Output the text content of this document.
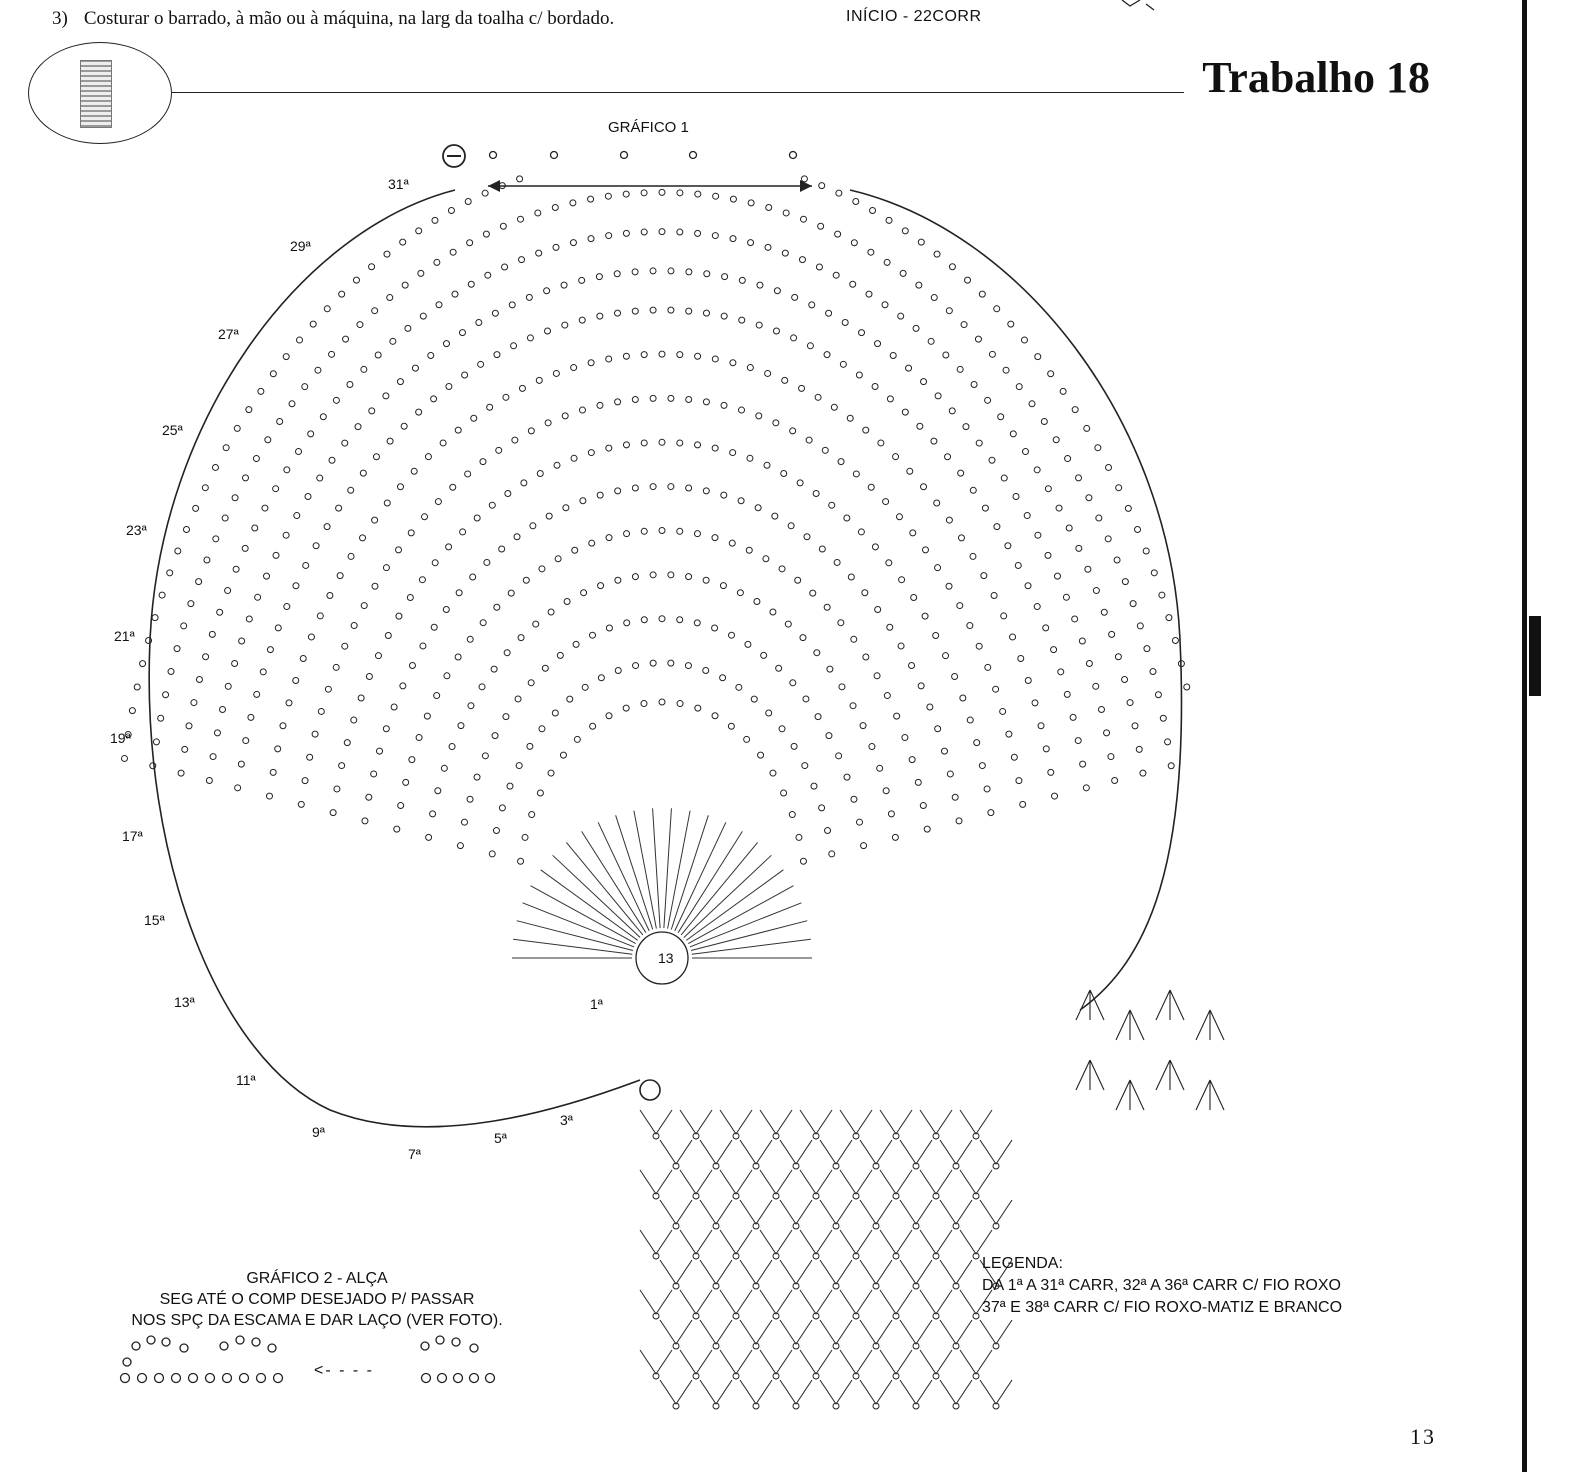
3) Costurar o barrado, à mão ou à máquina, na larg da toalha c/ bordado.	INÍCIO - 22CORR
Trabalho 18
GRÁFICO 1
13
31ª
29ª
27ª
25ª
23ª
21ª
19ª
17ª
15ª
13ª
11ª
9ª
7ª
5ª
3ª
1ª
LEGENDA:
DA 1ª A 31ª CARR, 32ª A 36ª CARR C/ FIO ROXO
37ª E 38ª CARR C/ FIO ROXO-MATIZ E BRANCO
GRÁFICO 2 - ALÇA
SEG ATÉ O COMP DESEJADO P/ PASSAR
NOS SPÇ DA ESCAMA E DAR LAÇO (VER FOTO).
<- - - -
13
